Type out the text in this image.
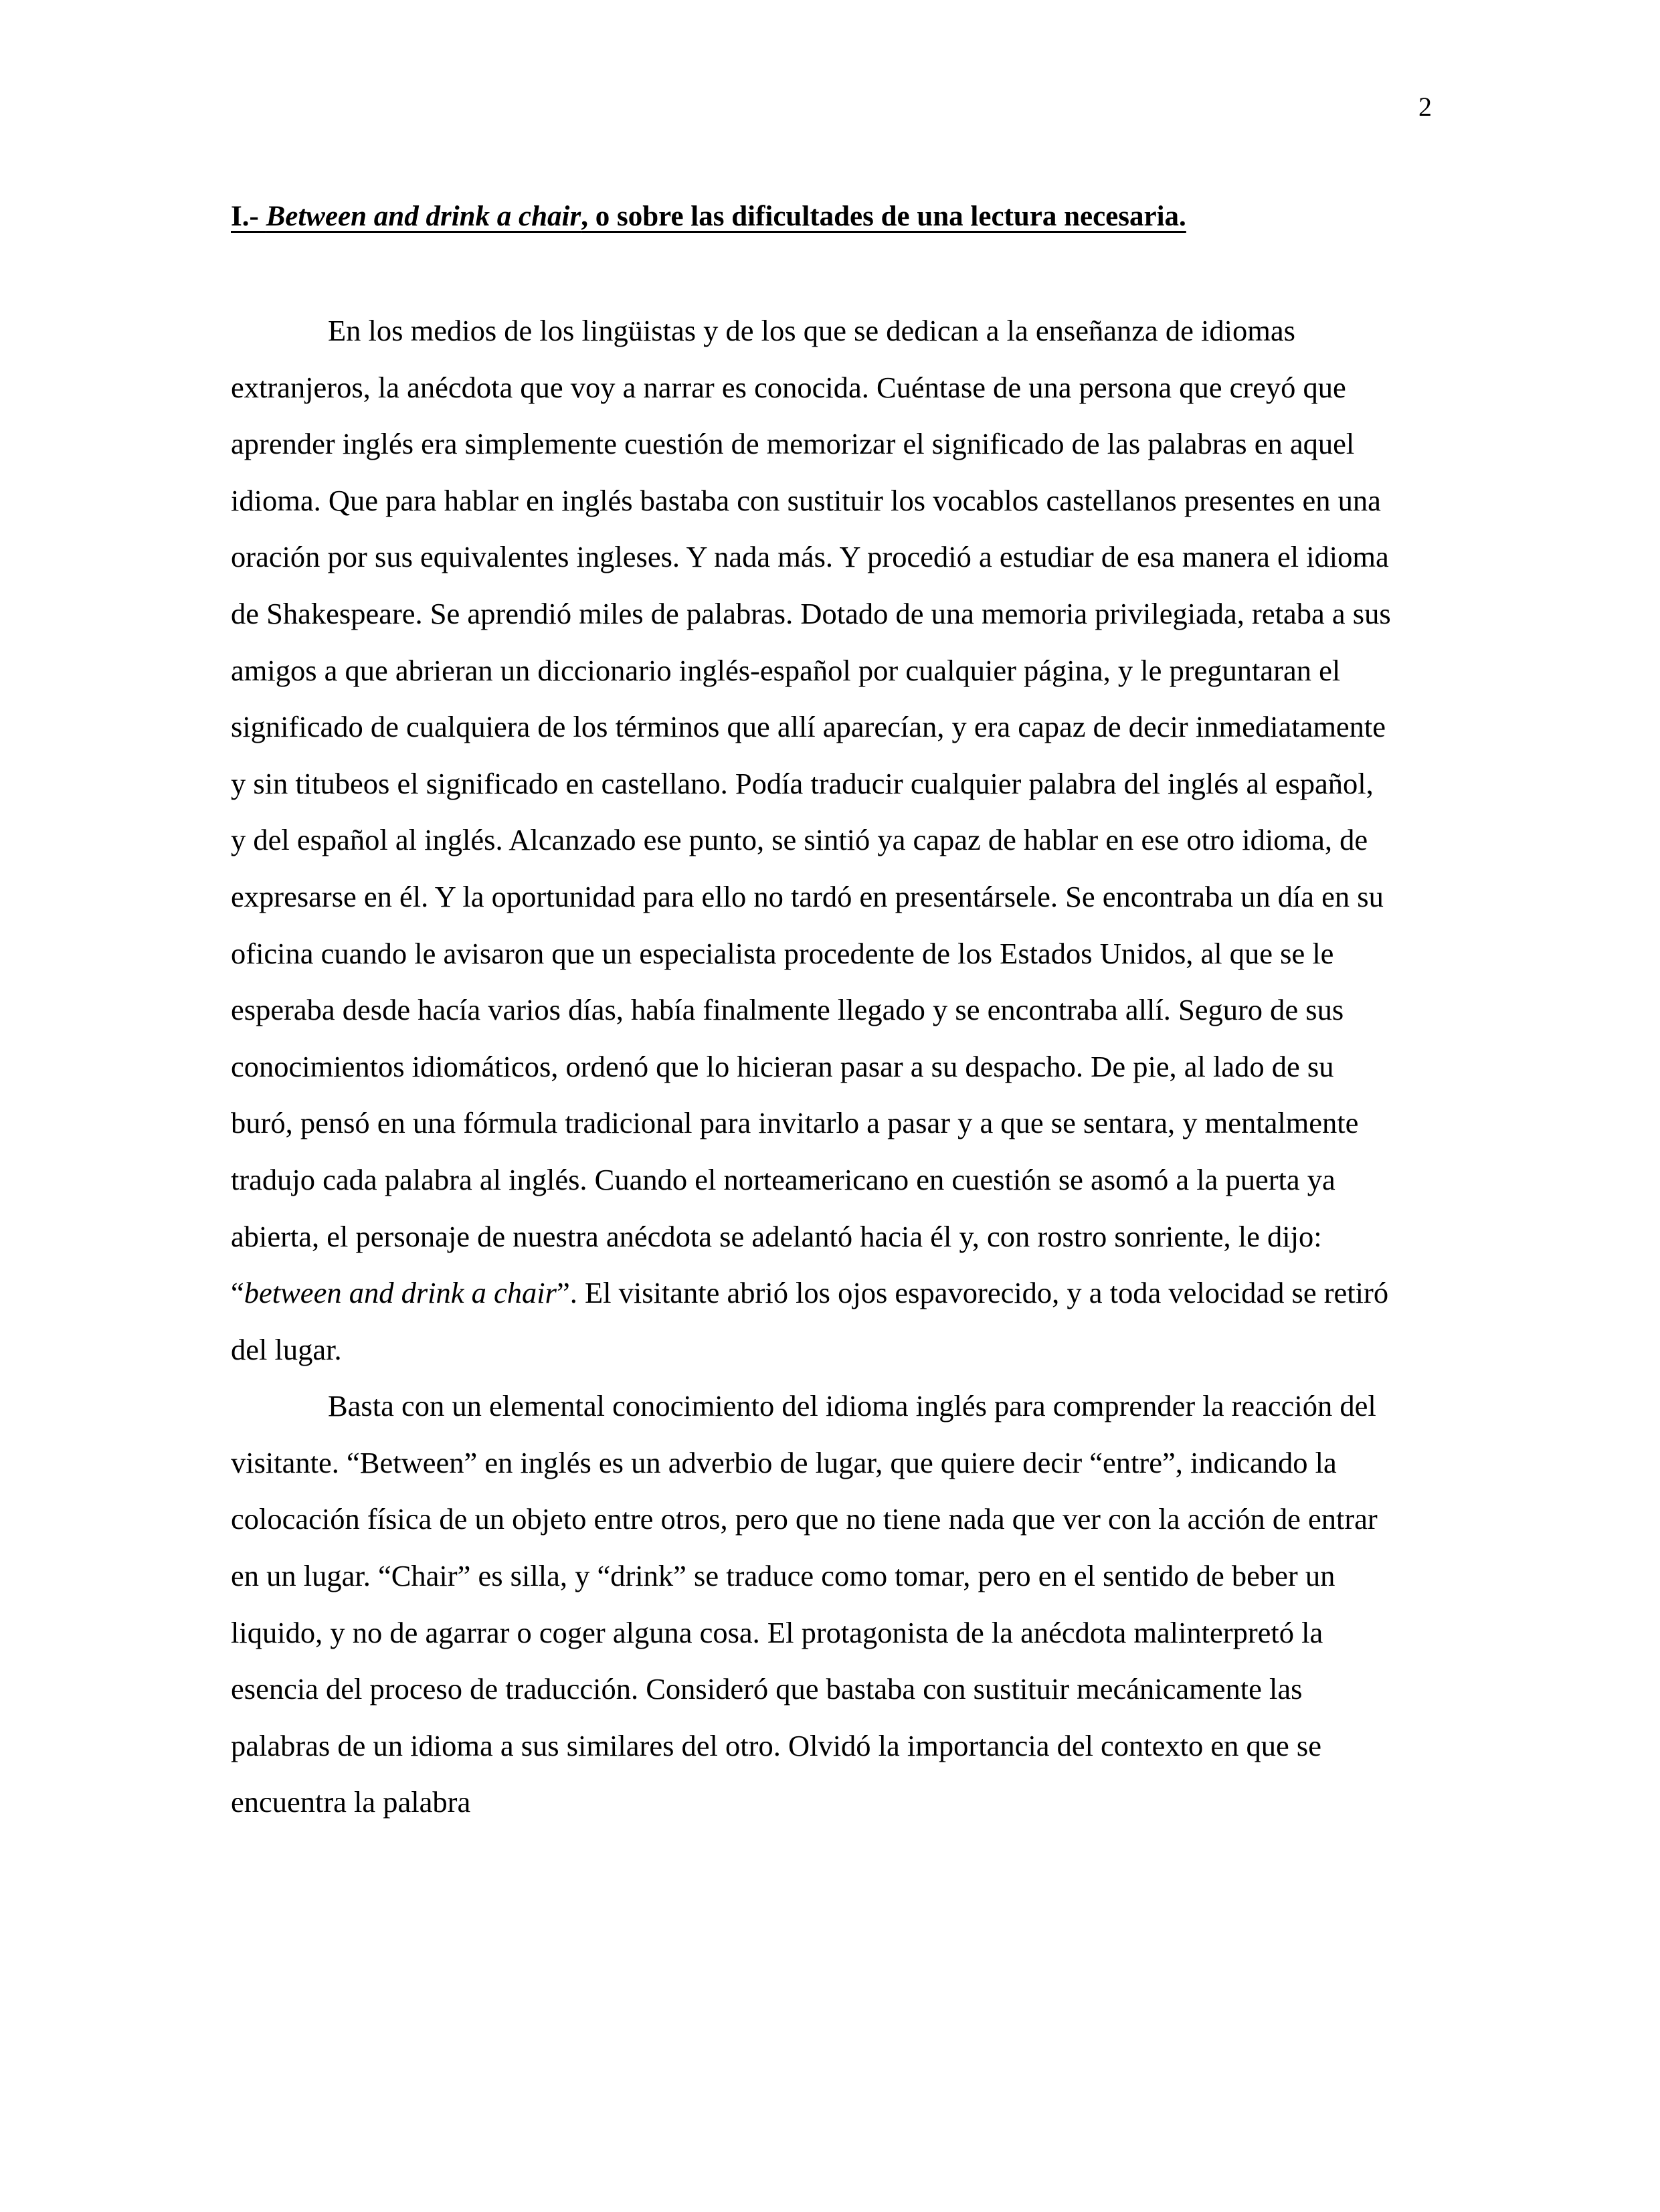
2
I.- Between and drink a chair, o sobre las dificultades de una lectura necesaria.

En los medios de los lingüistas y de los que se dedican a la enseñanza de idiomas extranjeros, la anécdota que voy a narrar es conocida. Cuéntase de una persona que creyó que aprender inglés era simplemente cuestión de memorizar el significado de las palabras en aquel idioma. Que para hablar en inglés bastaba con sustituir los vocablos castellanos presentes en una oración por sus equivalentes ingleses. Y nada más. Y procedió a estudiar de esa manera el idioma de Shakespeare. Se aprendió miles de palabras. Dotado de una memoria privilegiada, retaba a sus amigos a que abrieran un diccionario inglés-español por cualquier página, y le preguntaran el significado de cualquiera de los términos que allí aparecían, y era capaz de decir inmediatamente y sin titubeos el significado en castellano. Podía traducir cualquier palabra del inglés al español, y del español al inglés. Alcanzado ese punto, se sintió ya capaz de hablar en ese otro idioma, de expresarse en él. Y la oportunidad para ello no tardó en presentársele. Se encontraba un día en su oficina cuando le avisaron que un especialista procedente de los Estados Unidos, al que se le esperaba desde hacía varios días, había finalmente llegado y se encontraba allí. Seguro de sus conocimientos idiomáticos, ordenó que lo hicieran pasar a su despacho. De pie, al lado de su buró, pensó en una fórmula tradicional para invitarlo a pasar y a que se sentara, y mentalmente tradujo cada palabra al inglés. Cuando el norteamericano en cuestión se asomó a la puerta ya abierta, el personaje de nuestra anécdota se adelantó hacia él y, con rostro sonriente, le dijo: “between and drink a chair”. El visitante abrió los ojos espavorecido, y a toda velocidad se retiró del lugar.

Basta con un elemental conocimiento del idioma inglés para comprender la reacción del visitante. “Between” en inglés es un adverbio de lugar, que quiere decir “entre”, indicando la colocación física de un objeto entre otros, pero que no tiene nada que ver con la acción de entrar en un lugar. “Chair” es silla, y “drink” se traduce como tomar, pero en el sentido de beber un liquido, y no de agarrar o coger alguna cosa. El protagonista de la anécdota malinterpretó la esencia del proceso de traducción. Consideró que bastaba con sustituir mecánicamente las palabras de un idioma a sus similares del otro. Olvidó la importancia del contexto en que se encuentra la palabra
